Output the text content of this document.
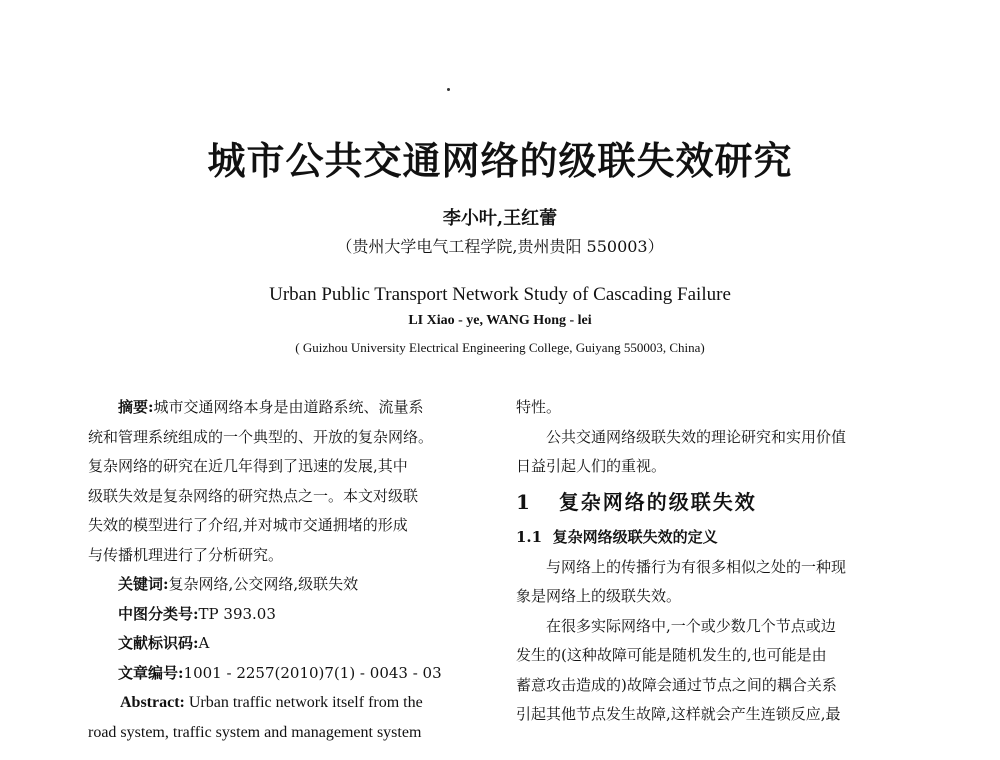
城市公共交通网络的级联失效研究
李小叶,王红蕾
（贵州大学电气工程学院,贵州贵阳 550003）
Urban Public Transport Network Study of Cascading Failure
LI Xiao - ye, WANG Hong - lei
( Guizhou University Electrical Engineering College, Guiyang 550003, China)
摘要:城市交通网络本身是由道路系统、流量系
统和管理系统组成的一个典型的、开放的复杂网络。
复杂网络的研究在近几年得到了迅速的发展,其中
级联失效是复杂网络的研究热点之一。本文对级联
失效的模型进行了介绍,并对城市交通拥堵的形成
与传播机理进行了分析研究。
关键词:复杂网络,公交网络,级联失效
中图分类号:TP 393.03
文献标识码:A
文章编号:1001 - 2257(2010)7(1) - 0043 - 03
Abstract: Urban traffic network itself from the
road system, traffic system and management system
特性。
公共交通网络级联失效的理论研究和实用价值
日益引起人们的重视。
1 复杂网络的级联失效
1.1 复杂网络级联失效的定义
与网络上的传播行为有很多相似之处的一种现
象是网络上的级联失效。
在很多实际网络中,一个或少数几个节点或边
发生的(这种故障可能是随机发生的,也可能是由
蓄意攻击造成的)故障会通过节点之间的耦合关系
引起其他节点发生故障,这样就会产生连锁反应,最
